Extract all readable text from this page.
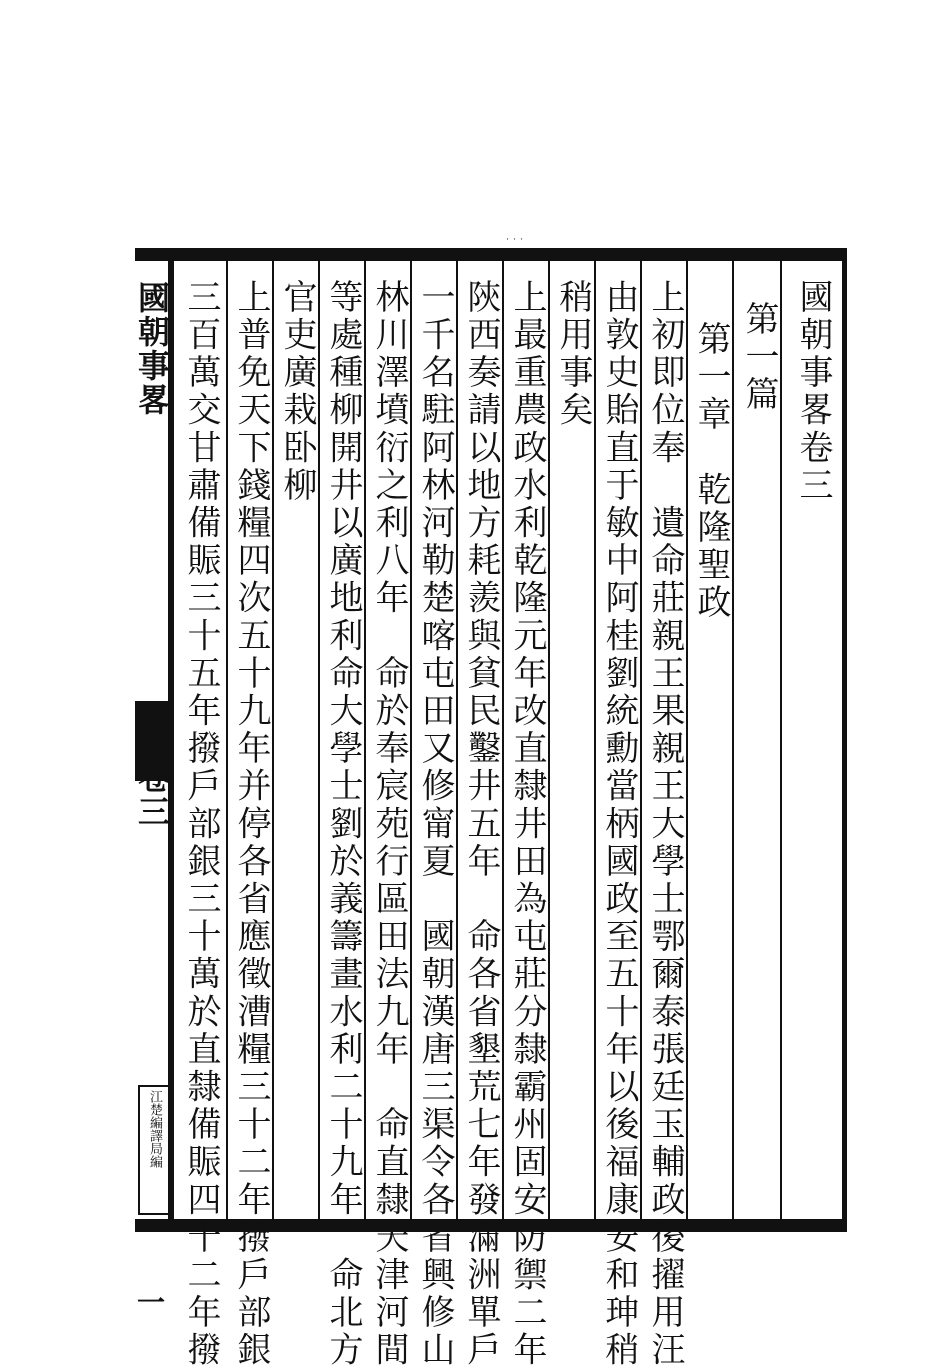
˙˙˙
國朝事畧
卷三
一
江楚編譯局編
國朝事畧卷三
第一篇
第一章　乾隆聖政
上初即位奉　遺命莊親王果親王大學士鄂爾泰張廷玉輔政後擢用汪
由敦史貽直于敏中阿桂劉統勳當柄國政至五十年以後福康安和珅稍
稍用事矣
上最重農政水利乾隆元年改直隸井田為屯莊分隸霸州固安防禦二年
陝西奏請以地方耗羨與貧民鑿井五年　命各省墾荒七年發滿洲單戶
一千名駐阿林河勒楚喀屯田又修甯夏　國朝漢唐三渠令各省興修山
林川澤墳衍之利八年　命於奉宸苑行區田法九年　命直隸天津河間
等處種柳開井以廣地利命大學士劉於義籌畫水利二十九年　命北方
官吏廣栽卧柳
上普免天下錢糧四次五十九年并停各省應徵漕糧三十二年撥戶部銀
三百萬交甘肅備賑三十五年撥戶部銀三十萬於直隸備賑四十二年撥
